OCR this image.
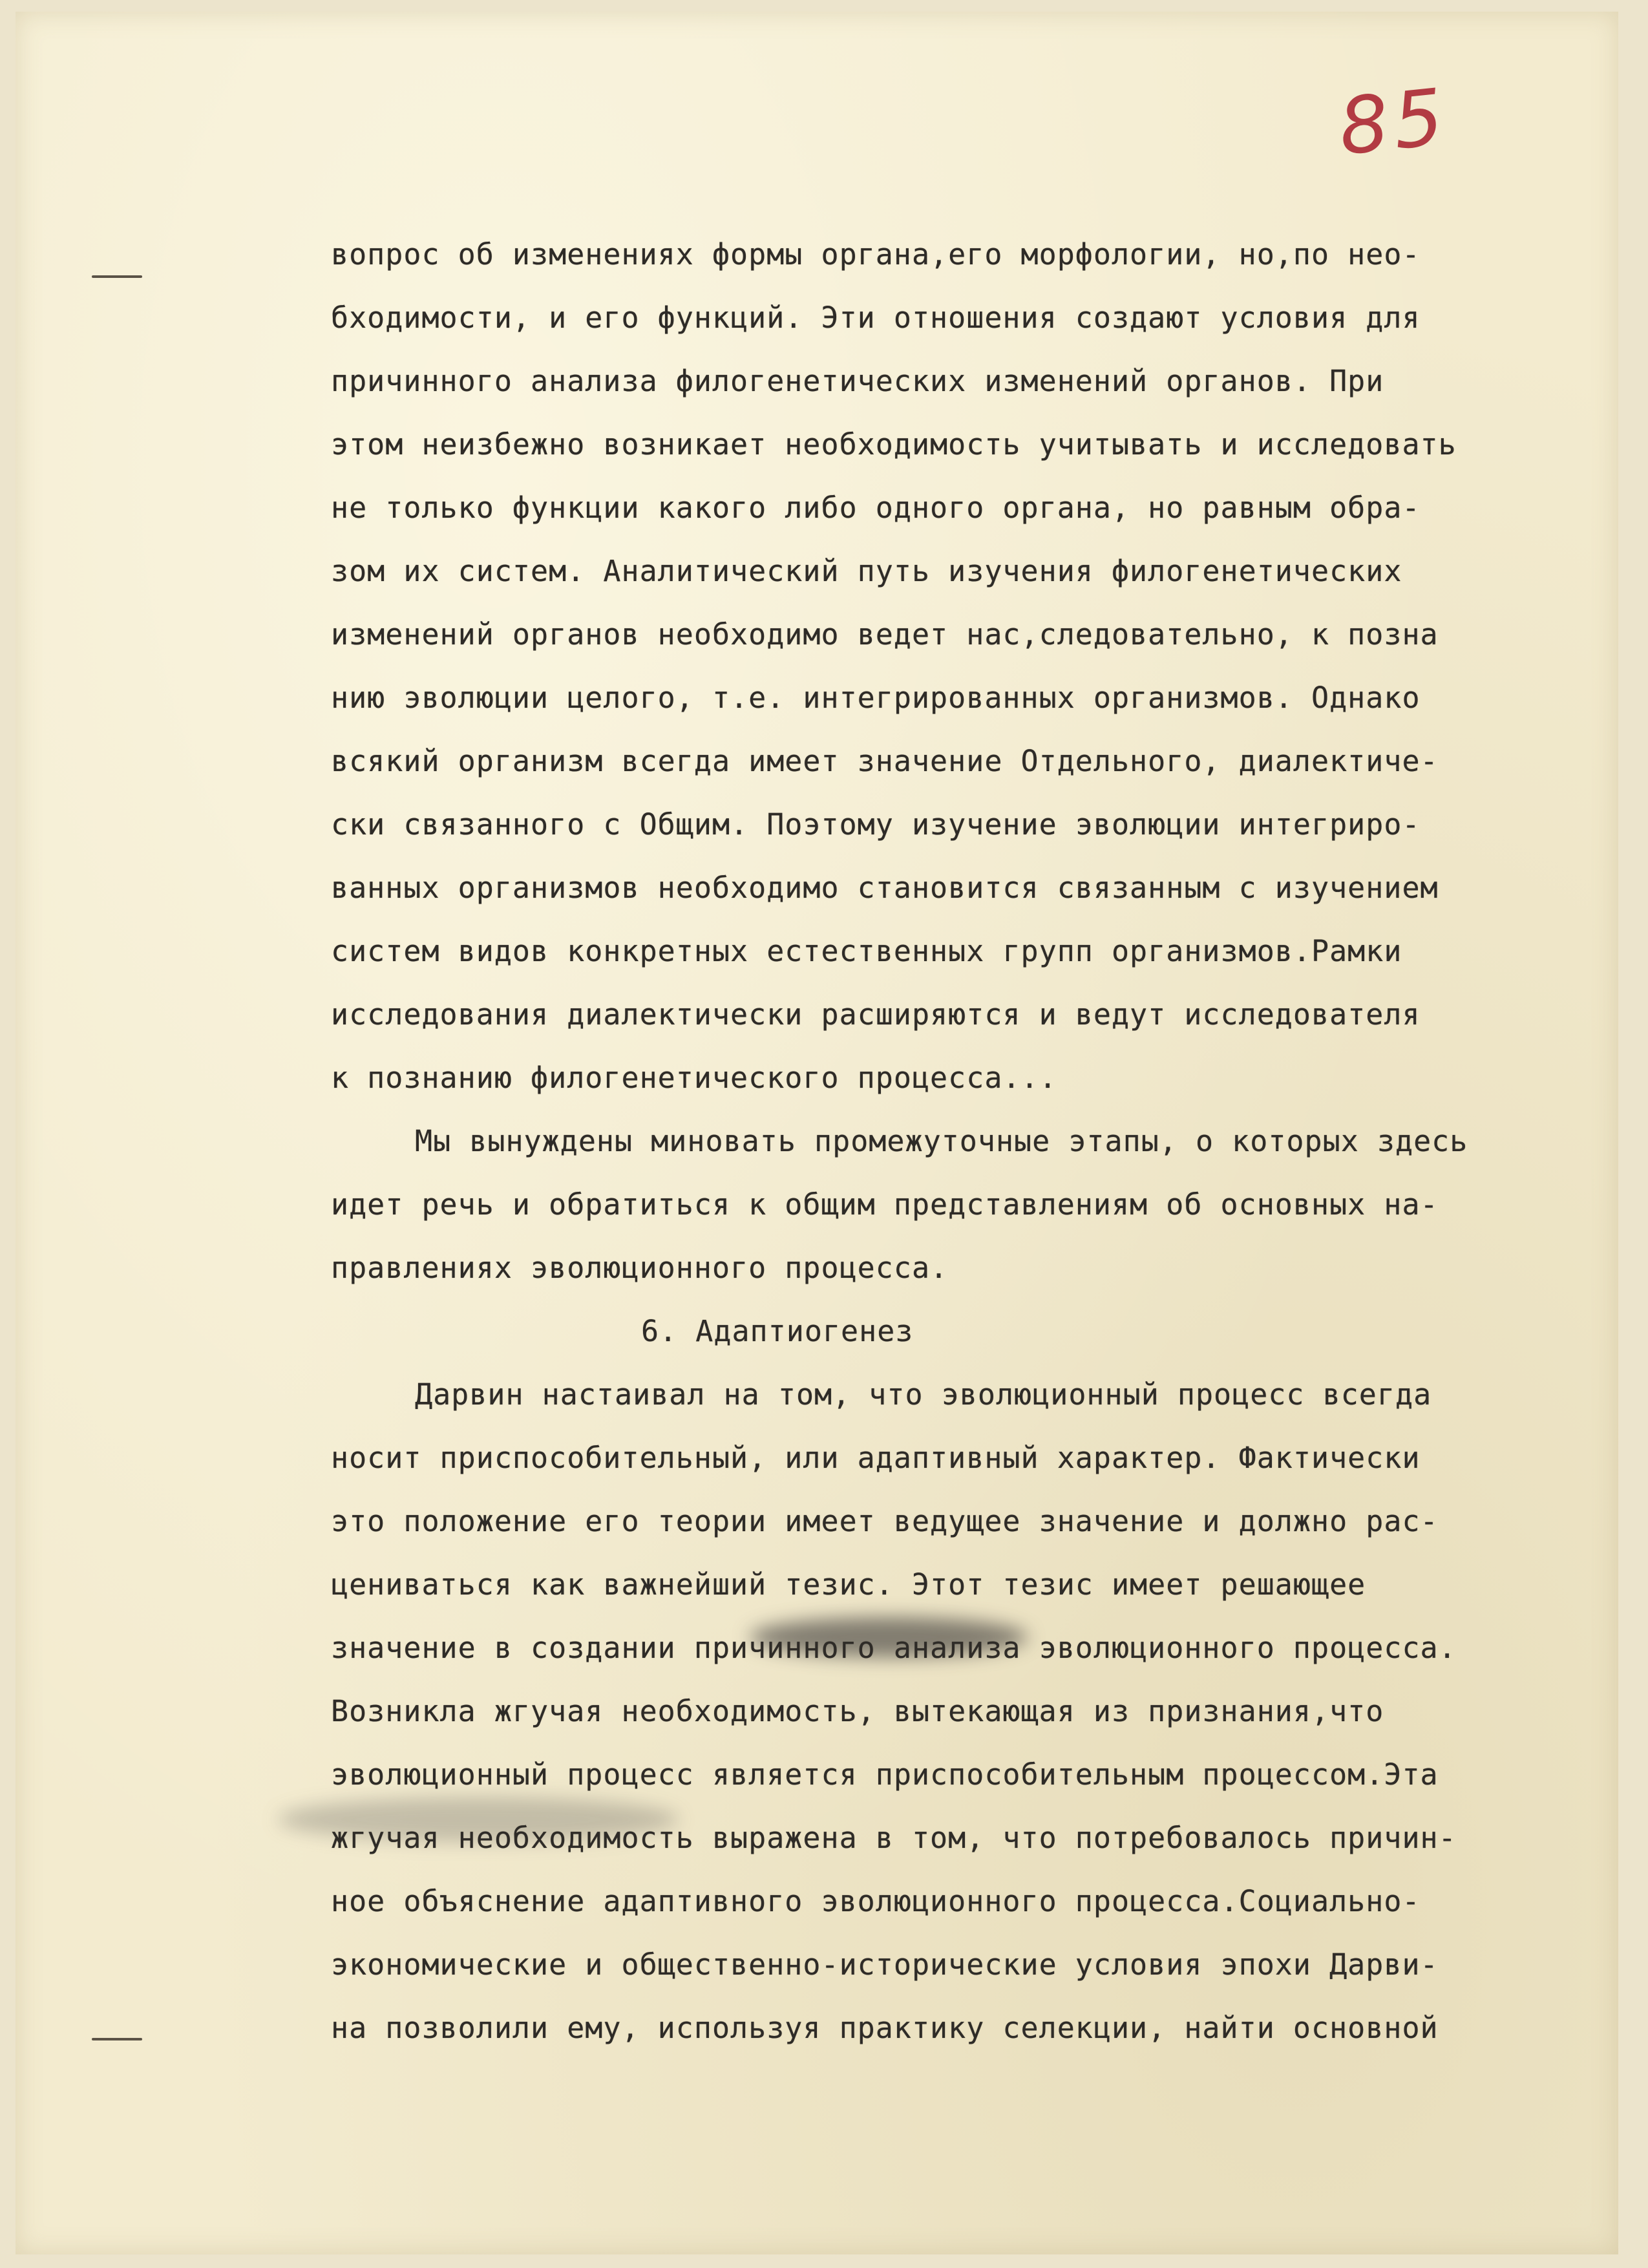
85
вопрос об изменениях формы органа,его морфологии, но,по нео-
бходимости, и его функций. Эти отношения создают условия для
причинного анализа филогенетических изменений органов. При
этом неизбежно возникает необходимость учитывать и исследовать
не только функции какого либо одного органа, но равным обра-
зом их систем. Аналитический путь изучения филогенетических
изменений органов необходимо ведет нас,следовательно, к позна
нию эволюции целого, т.е. интегрированных организмов. Однако
всякий организм всегда имеет значение Отдельного, диалектиче-
ски связанного с Общим. Поэтому изучение эволюции интегриро-
ванных организмов необходимо становится связанным с изучением
систем видов конкретных естественных групп организмов.Рамки
исследования диалектически расширяются и ведут исследователя
к познанию филогенетического процесса...
Мы вынуждены миновать промежуточные этапы, о которых здесь
идет речь и обратиться к общим представлениям об основных на-
правлениях эволюционного процесса.
6. Адаптиогенез
Дарвин настаивал на том, что эволюционный процесс всегда
носит приспособительный, или адаптивный характер. Фактически
это положение его теории имеет ведущее значение и должно рас-
цениваться как важнейший тезис. Этот тезис имеет решающее
значение в создании причинного анализа эволюционного процесса.
Возникла жгучая необходимость, вытекающая из признания,что
эволюционный процесс является приспособительным процессом.Эта
жгучая необходимость выражена в том, что потребовалось причин-
ное объяснение адаптивного эволюционного процесса.Социально-
экономические и общественно-исторические условия эпохи Дарви-
на позволили ему, используя практику селекции, найти основной
